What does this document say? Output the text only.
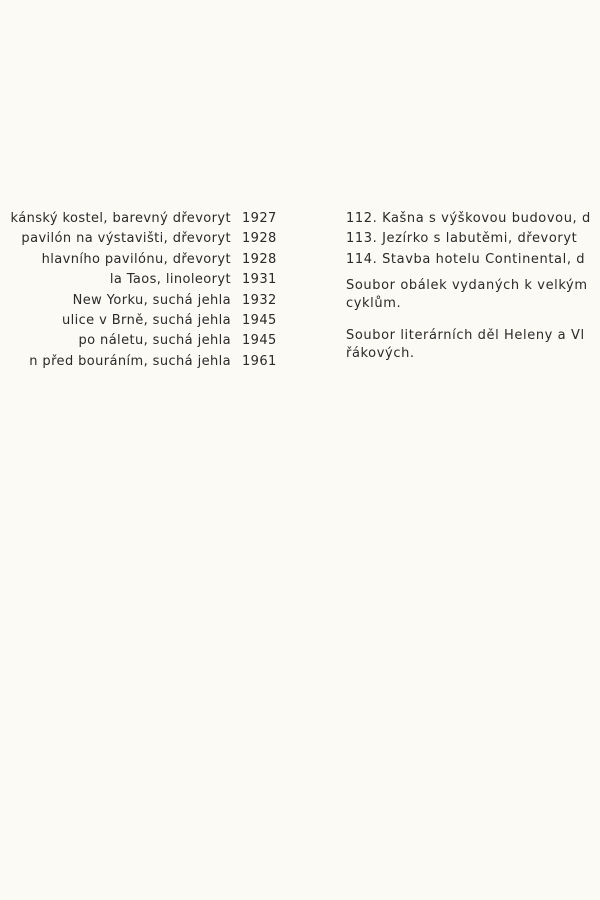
kánský kostel, barevný dřevoryt 1927
pavilón na výstavišti, dřevoryt 1928
hlavního pavilónu, dřevoryt 1928
la Taos, linoleoryt 1931
New Yorku, suchá jehla 1932
ulice v Brně, suchá jehla 1945
po náletu, suchá jehla 1945
n před bouráním, suchá jehla 1961
112. Kašna s výškovou budovou, d
113. Jezírko s labutěmi, dřevoryt
114. Stavba hotelu Continental, d
Soubor obálek vydaných k velkým
cyklům.
Soubor literárních děl Heleny a Vl
řákových.
